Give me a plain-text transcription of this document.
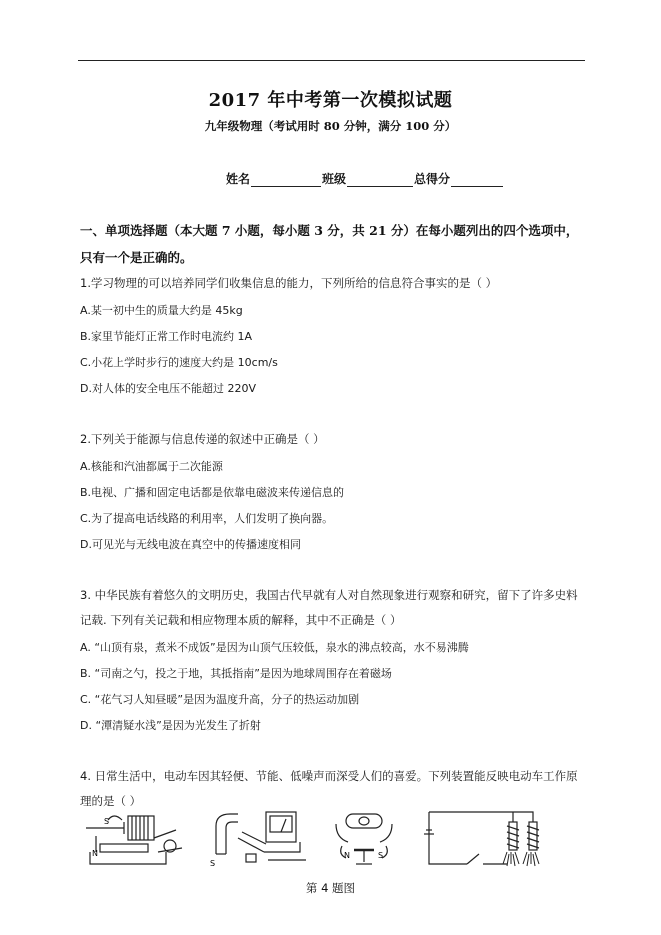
2017 年中考第一次模拟试题
九年级物理（考试用时 80 分钟，满分 100 分）
姓名	班级	总得分
一、单项选择题（本大题 7 小题，每小题 3 分，共 21 分）在每小题列出的四个选项中，
只有一个是正确的。
1.学习物理的可以培养同学们收集信息的能力，下列所给的信息符合事实的是（ ）
A.某一初中生的质量大约是 45kg
B.家里节能灯正常工作时电流约 1A
C.小花上学时步行的速度大约是 10cm/s
D.对人体的安全电压不能超过 220V
2.下列关于能源与信息传递的叙述中正确是（ ）
A.核能和汽油都属于二次能源
B.电视、广播和固定电话都是依靠电磁波来传递信息的
C.为了提高电话线路的利用率，人们发明了换向器。
D.可见光与无线电波在真空中的传播速度相同
3. 中华民族有着悠久的文明历史，我国古代早就有人对自然现象进行观察和研究，留下了许多史料
记载. 下列有关记载和相应物理本质的解释，其中不正确是（ ）
A. “山顶有泉，煮米不成饭”是因为山顶气压较低，泉水的沸点较高，水不易沸腾
B. “司南之勺，投之于地，其抵指南”是因为地球周围存在着磁场
C. “花气习人知昼暖”是因为温度升高，分子的热运动加剧
D. “潭清疑水浅”是因为光发生了折射
4. 日常生活中，电动车因其轻便、节能、低噪声而深受人们的喜爱。下列装置能反映电动车工作原
理的是（ ）
S
N
S
N	S
第 4 题图
